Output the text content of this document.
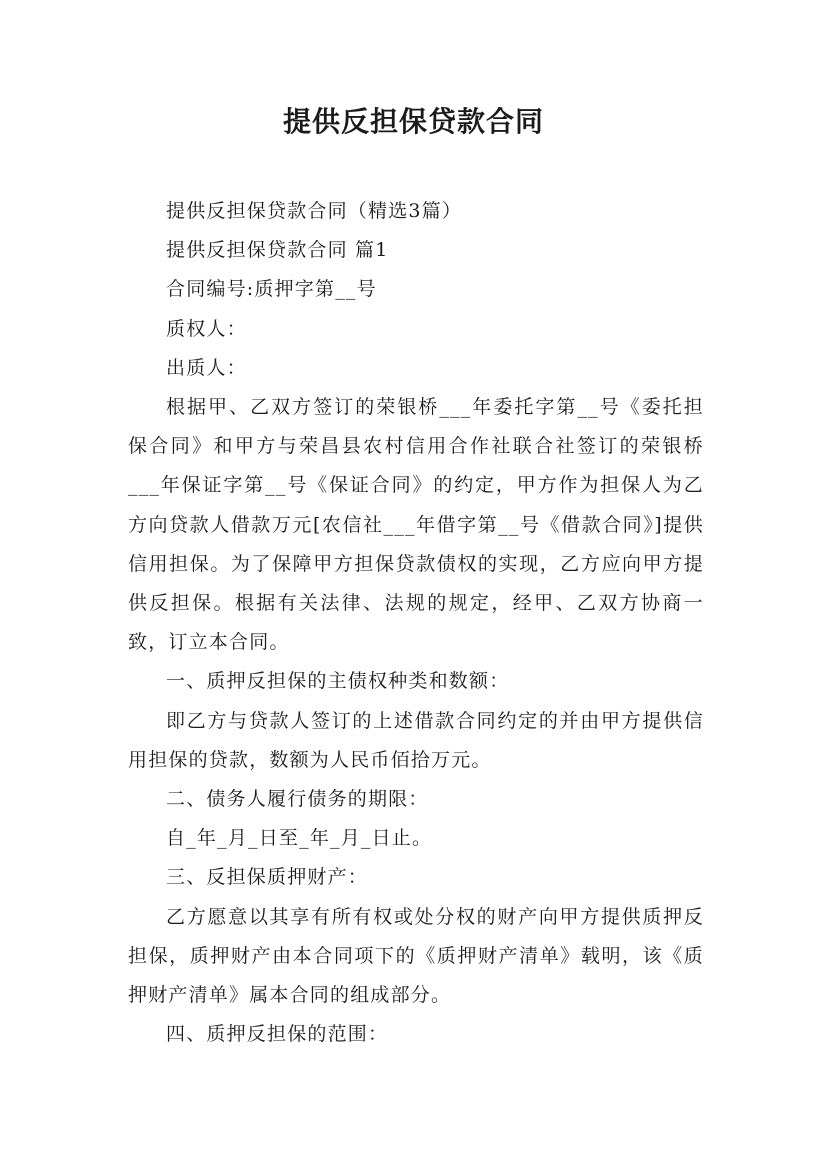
提供反担保贷款合同

提供反担保贷款合同（精选3篇）

提供反担保贷款合同 篇1

合同编号:质押字第__号

质权人：

出质人：

根据甲、乙双方签订的荣银桥___年委托字第__号《委托担保合同》和甲方与荣昌县农村信用合作社联合社签订的荣银桥___年保证字第__号《保证合同》的约定，甲方作为担保人为乙方向贷款人借款万元[农信社___年借字第__号《借款合同》]提供信用担保。为了保障甲方担保贷款债权的实现，乙方应向甲方提供反担保。根据有关法律、法规的规定，经甲、乙双方协商一致，订立本合同。

一、质押反担保的主债权种类和数额：

即乙方与贷款人签订的上述借款合同约定的并由甲方提供信用担保的贷款，数额为人民币佰拾万元。

二、债务人履行债务的期限：

自_年_月_日至_年_月_日止。

三、反担保质押财产：

乙方愿意以其享有所有权或处分权的财产向甲方提供质押反担保，质押财产由本合同项下的《质押财产清单》载明，该《质押财产清单》属本合同的组成部分。

四、质押反担保的范围：
